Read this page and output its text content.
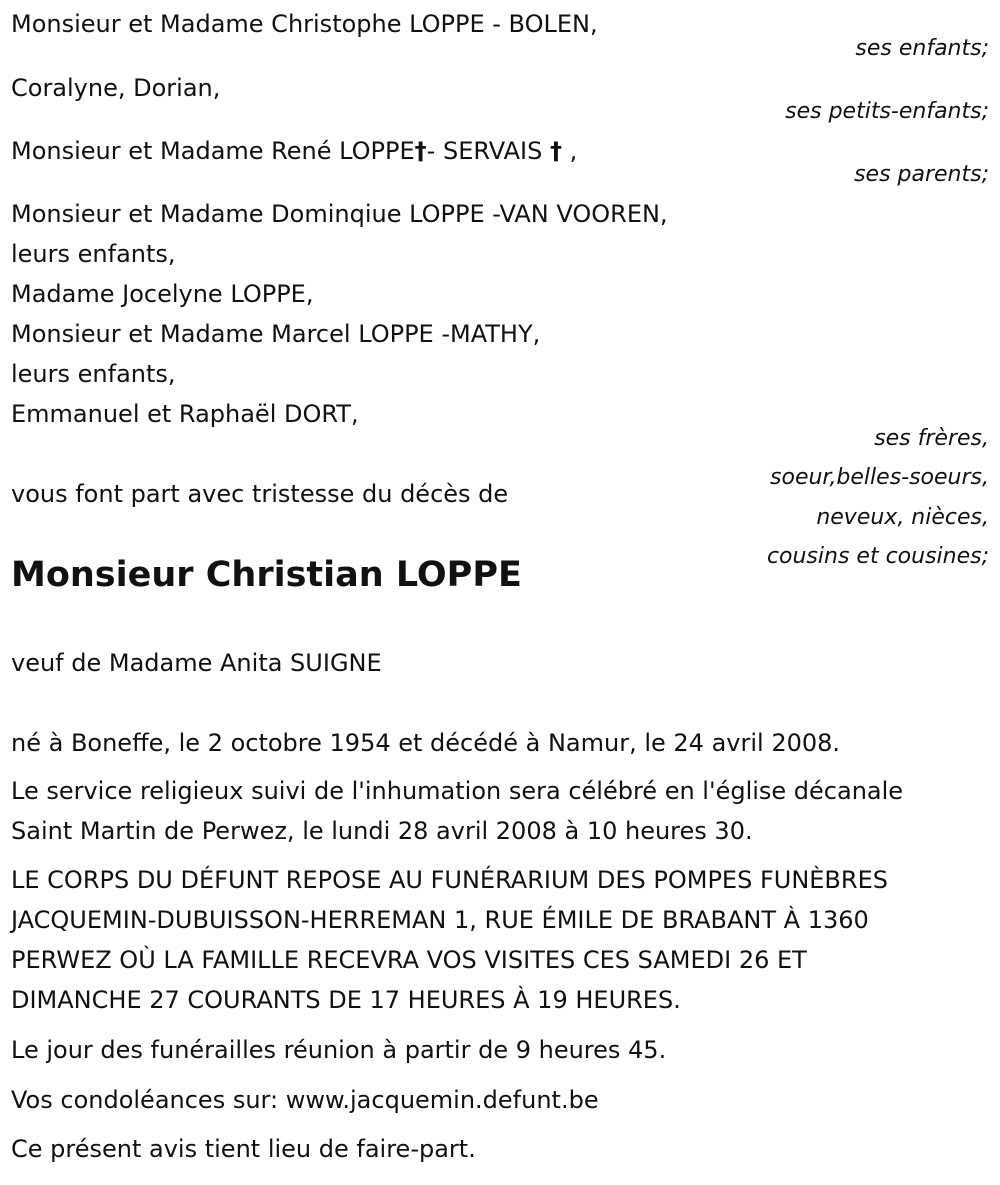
Monsieur et Madame Christophe LOPPE - BOLEN,
ses enfants;
Coralyne, Dorian,
ses petits-enfants;
Monsieur et Madame René LOPPE†- SERVAIS † ,
ses parents;
Monsieur et Madame Dominqiue LOPPE -VAN VOOREN,
leurs enfants,
Madame Jocelyne LOPPE,
Monsieur et Madame Marcel LOPPE -MATHY,
leurs enfants,
Emmanuel et Raphaël DORT,
ses frères,
soeur,belles-soeurs,
neveux, nièces,
cousins et cousines;
vous font part avec tristesse du décès de
Monsieur Christian LOPPE
veuf de Madame Anita SUIGNE
né à Boneffe, le 2 octobre 1954 et décédé à Namur, le 24 avril 2008.
Le service religieux suivi de l'inhumation sera célébré en l'église décanale
Saint Martin de Perwez, le lundi 28 avril 2008 à 10 heures 30.
LE CORPS DU DÉFUNT REPOSE AU FUNÉRARIUM DES POMPES FUNÈBRES
JACQUEMIN-DUBUISSON-HERREMAN 1, RUE ÉMILE DE BRABANT À 1360
PERWEZ OÙ LA FAMILLE RECEVRA VOS VISITES CES SAMEDI 26 ET
DIMANCHE 27 COURANTS DE 17 HEURES À 19 HEURES.
Le jour des funérailles réunion à partir de 9 heures 45.
Vos condoléances sur: www.jacquemin.defunt.be
Ce présent avis tient lieu de faire-part.
